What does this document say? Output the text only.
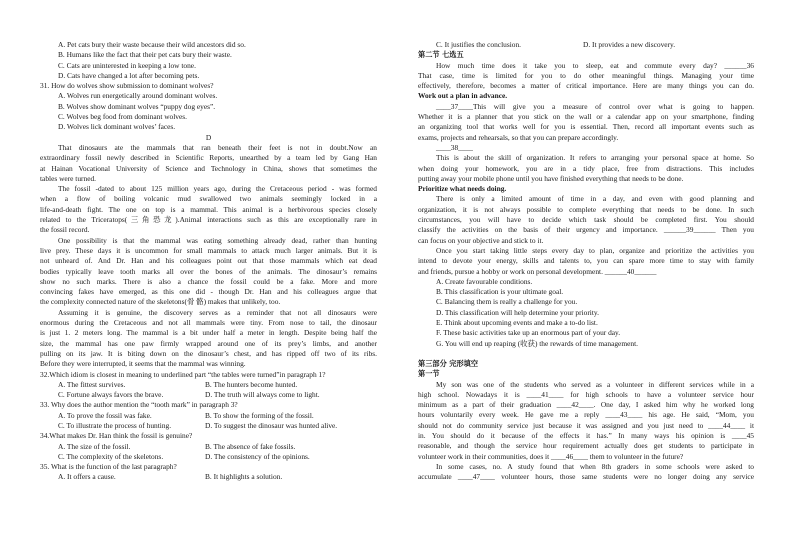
A. Pet cats bury their waste because their wild ancestors did so.
B. Humans like the fact that their pet cats bury their waste.
C. Cats are uninterested in keeping a low tone.
D. Cats have changed a lot after becoming pets.
31. How do wolves show submission to dominant wolves?
A. Wolves run energetically around dominant wolves.
B. Wolves show dominant wolves “puppy dog eyes”.
C. Wolves beg food from dominant wolves.
D. Wolves lick dominant wolves’ faces.
D
That dinosaurs ate the mammals that ran beneath their feet is not in doubt.Now an
extraordinary fossil newly described in Scientific Reports, unearthed by a team led by Gang Han
at Hainan Vocational University of Science and Technology in China, shows that sometimes the
tables were turned.
The fossil -dated to about 125 million years ago, during the Cretaceous period - was formed
when a flow of boiling volcanic mud swallowed two animals seemingly locked in a
life-and-death fight. The one on top is a mammal. This animal is a herbivorous species closely
related to the Triceratops(三角恐龙).Animal interactions such as this are exceptionally rare in
the fossil record.
One possibility is that the mammal was eating something already dead, rather than hunting
live prey. These days it is uncommon for small mammals to attack much larger animals. But it is
not unheard of. And Dr. Han and his colleagues point out that those mammals which eat dead
bodies typically leave tooth marks all over the bones of the animals. The dinosaur’s remains
show no such marks. There is also a chance the fossil could be a fake. More and more
convincing fakes have emerged, as this one did - though Dr. Han and his colleagues argue that
the complexity connected nature of the skeletons(骨 骼) makes that unlikely, too.
Assuming it is genuine, the discovery serves as a reminder that not all dinosaurs were
enormous during the Cretaceous and not all mammals were tiny. From nose to tail, the dinosaur
is just 1. 2 meters long. The mammal is a bit under half a meter in length. Despite being half the
size, the mammal has one paw firmly wrapped around one of its prey’s limbs, and another
pulling on its jaw. It is biting down on the dinosaur’s chest, and has ripped off two of its ribs.
Before they were interrupted, it seems that the mammal was winning.
32.Which idiom is closest in meaning to underlined part “the tables were turned”in paragraph 1?
A. The fittest survives.	B. The hunters become hunted.
C. Fortune always favors the brave.	D. The truth will always come to light.
33. Why does the author mention the “tooth mark” in paragraph 3?
A. To prove the fossil was fake.	B. To show the forming of the fossil.
C. To illustrate the process of hunting.	D. To suggest the dinosaur was hunted alive.
34.What makes Dr. Han think the fossil is genuine?
A. The size of the fossil.	B. The absence of fake fossils.
C. The complexity of the skeletons.	D. The consistency of the opinions.
35. What is the function of the last paragraph?
A. It offers a cause.	B. It highlights a solution.
C. It justifies the conclusion.	D. It provides a new discovery.
第二节 七选五
How much time does it take you to sleep, eat and commute every day? ______36
That case, time is limited for you to do other meaningful things. Managing your time
effectively, therefore, becomes a matter of critical importance. Here are many things you can do.
Work out a plan in advance.
____37____This will give you a measure of control over what is going to happen.
Whether it is a planner that you stick on the wall or a calendar app on your smartphone, finding
an organizing tool that works well for you is essential. Then, record all important events such as
exams, projects and rehearsals, so that you can prepare accordingly.
____38____
This is about the skill of organization. It refers to arranging your personal space at home. So
when doing your homework, you are in a tidy place, free from distractions. This includes
putting away your mobile phone until you have finished everything that needs to be done.
Prioritize what needs doing.
There is only a limited amount of time in a day, and even with good planning and
organization, it is not always possible to complete everything that needs to be done. In such
circumstances, you will have to decide which task should be completed first. You should
classify the activities on the basis of their urgency and importance. ______39______ Then you
can focus on your objective and stick to it.
Once you start taking little steps every day to plan, organize and prioritize the activities you
intend to devote your energy, skills and talents to, you can spare more time to stay with family
and friends, pursue a hobby or work on personal development. ______40______
A. Create favourable conditions.
B. This classification is your ultimate goal.
C. Balancing them is really a challenge for you.
D. This classification will help determine your priority.
E. Think about upcoming events and make a to-do list.
F. These basic activities take up an enormous part of your day.
G. You will end up reaping (收获) the rewards of time management.
第三部分 完形填空
第一节
My son was one of the students who served as a volunteer in different services while in a
high school. Nowadays it is ____41____ for high schools to have a volunteer service hour
minimum as a part of their graduation ____42____. One day, I asked him why he worked long
hours voluntarily every week. He gave me a reply ____43____ his age. He said, “Mom, you
should not do community service just because it was assigned and you just need to ____44____ it
in. You should do it because of the effects it has.” In many ways his opinion is ____45
reasonable, and though the service hour requirement actually does get students to participate in
volunteer work in their communities, does it ____46____ them to volunteer in the future?
In some cases, no. A study found that when 8th graders in some schools were asked to
accumulate ____47____ volunteer hours, those same students were no longer doing any service
